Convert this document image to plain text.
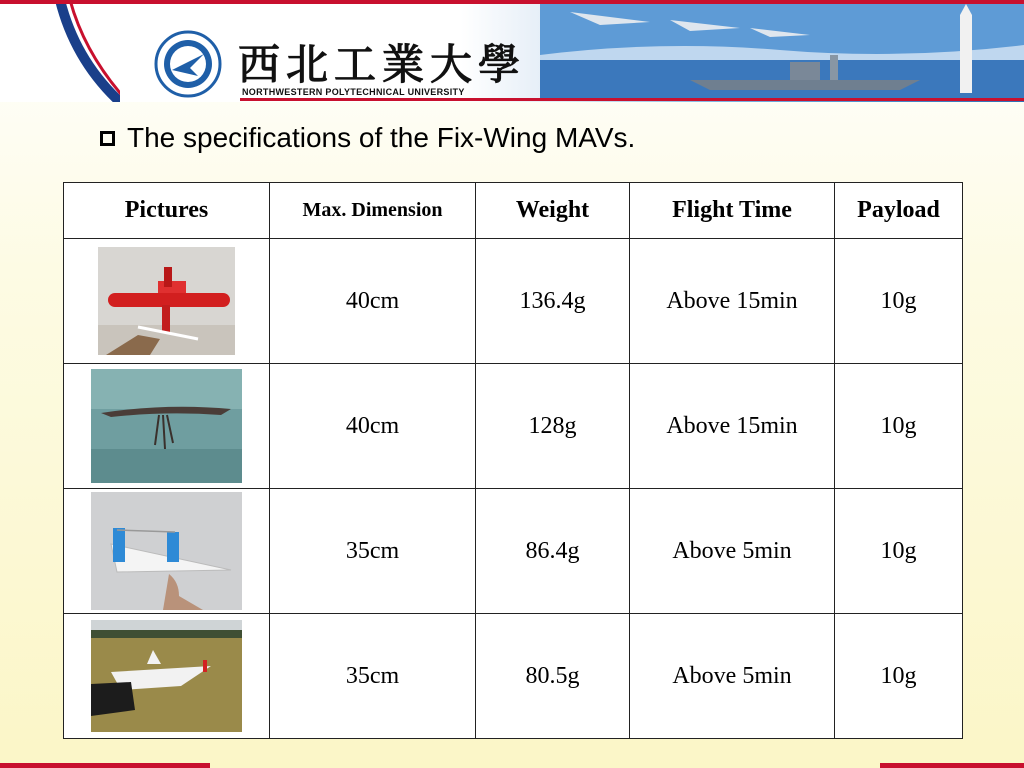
西北工業大學
NORTHWESTERN POLYTECHNICAL UNIVERSITY
The specifications of the Fix-Wing MAVs.
Pictures	Max. Dimension	Weight	Flight Time	Payload

	40cm	136.4g	Above 15min	10g

	40cm	128g	Above 15min	10g

	35cm	86.4g	Above 5min	10g

	35cm	80.5g	Above 5min	10g
